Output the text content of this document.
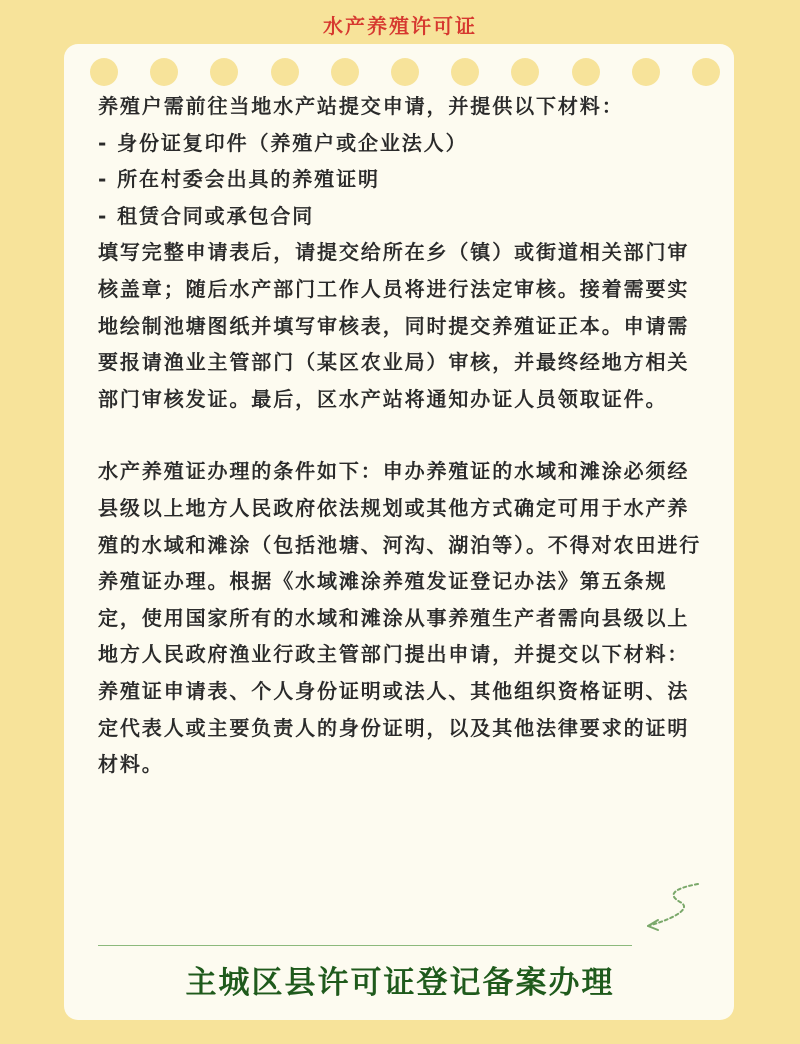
水产养殖许可证

养殖户需前往当地水产站提交申请，并提供以下材料：

- 身份证复印件（养殖户或企业法人）

- 所在村委会出具的养殖证明

- 租赁合同或承包合同

填写完整申请表后，请提交给所在乡（镇）或街道相关部门审核盖章；随后水产部门工作人员将进行法定审核。接着需要实地绘制池塘图纸并填写审核表，同时提交养殖证正本。申请需要报请渔业主管部门（某区农业局）审核，并最终经地方相关部门审核发证。最后，区水产站将通知办证人员领取证件。

水产养殖证办理的条件如下：申办养殖证的水域和滩涂必须经县级以上地方人民政府依法规划或其他方式确定可用于水产养殖的水域和滩涂（包括池塘、河沟、湖泊等）。不得对农田进行养殖证办理。根据《水域滩涂养殖发证登记办法》第五条规定，使用国家所有的水域和滩涂从事养殖生产者需向县级以上地方人民政府渔业行政主管部门提出申请，并提交以下材料：养殖证申请表、个人身份证明或法人、其他组织资格证明、法定代表人或主要负责人的身份证明，以及其他法律要求的证明材料。

主城区县许可证登记备案办理
